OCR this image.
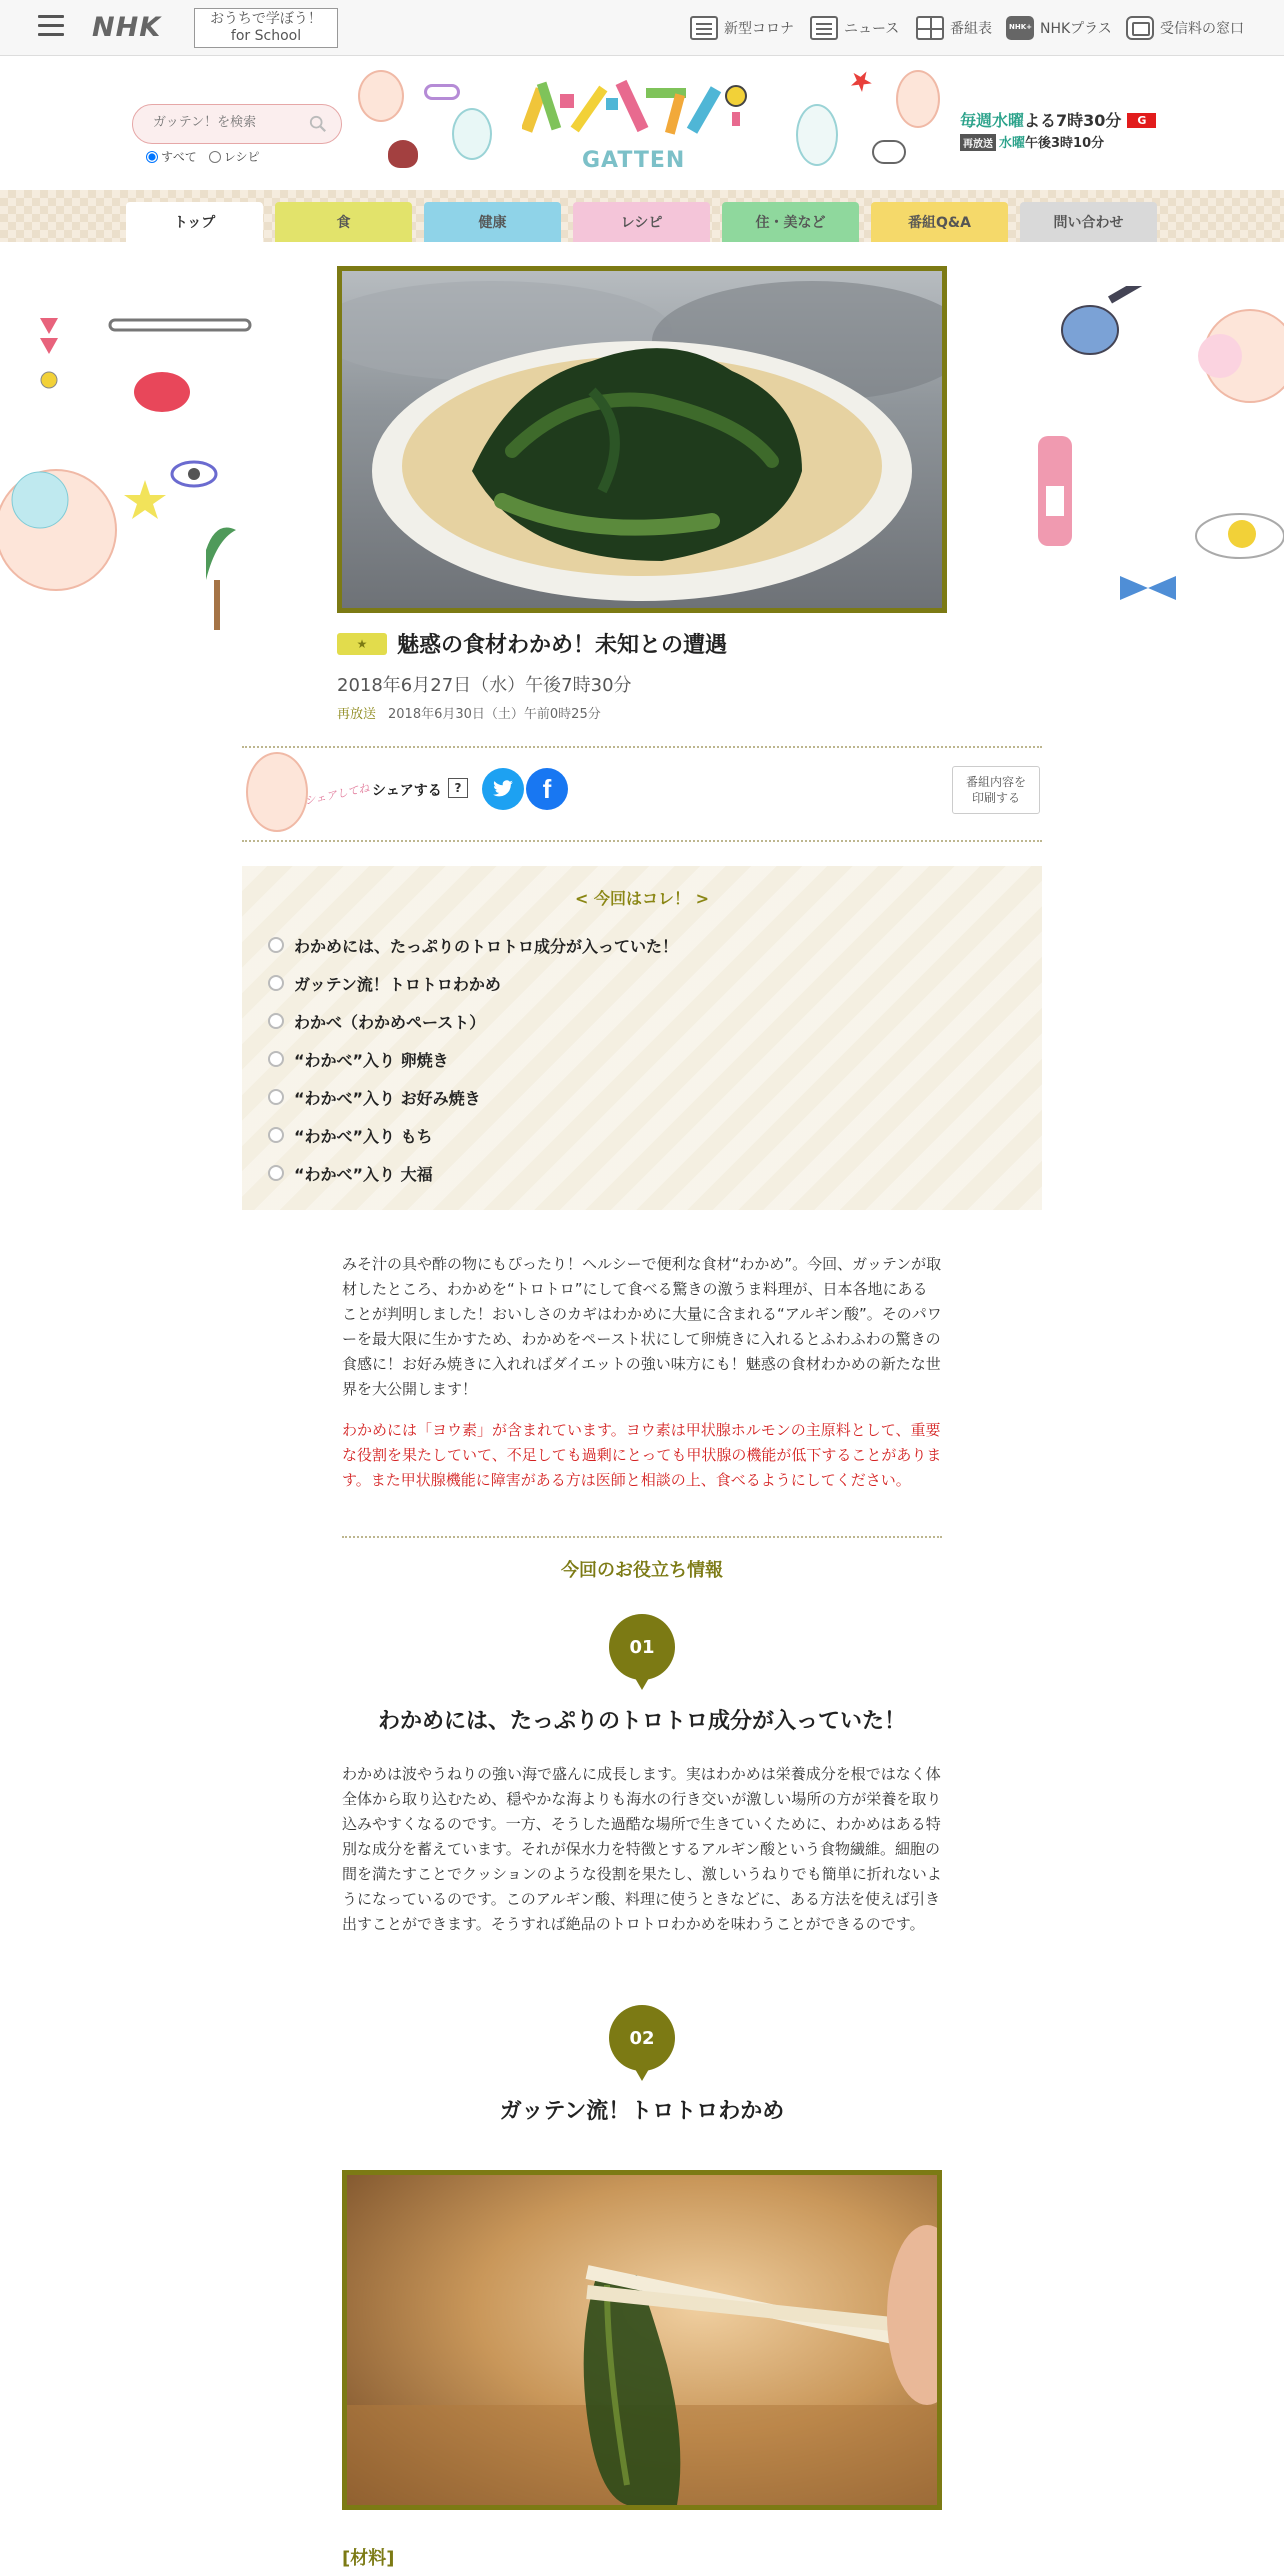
NHK	おうちで学ぼう！
for School	新型コロナ	ニュース	番組表
NHK+	NHKプラス	受信料の窓口
ガッテン！を検索
すべて レシピ	GATTEN
毎週水曜よる7時30分 G
再放送 水曜午後3時10分
トップ	食	健康	レシピ	住・美など	番組Q&A	問い合わせ
★	魅惑の食材わかめ！未知との遭遇
2018年6月27日（水）午後7時30分
再放送 2018年6月30日（土）午前0時25分
シェアしてね シェアする	?	f	番組内容を
印刷する
< 今回はコレ！ >
わかめには、たっぷりのトロトロ成分が入っていた！
ガッテン流！トロトロわかめ
わかべ（わかめペースト）
“わかべ”入り 卵焼き
“わかべ”入り お好み焼き
“わかべ”入り もち
“わかべ”入り 大福
みそ汁の具や酢の物にもぴったり！ヘルシーで便利な食材“わかめ”。今回、ガッテンが取材したところ、わかめを“トロトロ”にして食べる驚きの激うま料理が、日本各地にあることが判明しました！おいしさのカギはわかめに大量に含まれる“アルギン酸”。そのパワーを最大限に生かすため、わかめをペースト状にして卵焼きに入れるとふわふわの驚きの食感に！お好み焼きに入れればダイエットの強い味方にも！魅惑の食材わかめの新たな世界を大公開します！
わかめには「ヨウ素」が含まれています。ヨウ素は甲状腺ホルモンの主原料として、重要な役割を果たしていて、不足しても過剰にとっても甲状腺の機能が低下することがあります。また甲状腺機能に障害がある方は医師と相談の上、食べるようにしてください。
今回のお役立ち情報
01
わかめには、たっぷりのトロトロ成分が入っていた！
わかめは波やうねりの強い海で盛んに成長します。実はわかめは栄養成分を根ではなく体全体から取り込むため、穏やかな海よりも海水の行き交いが激しい場所の方が栄養を取り込みやすくなるのです。一方、そうした過酷な場所で生きていくために、わかめはある特別な成分を蓄えています。それが保水力を特徴とするアルギン酸という食物繊維。細胞の間を満たすことでクッションのような役割を果たし、激しいうねりでも簡単に折れないようになっているのです。このアルギン酸、料理に使うときなどに、ある方法を使えば引き出すことができます。そうすれば絶品のトロトロわかめを味わうことができるのです。
02
ガッテン流！トロトロわかめ
[材料]
